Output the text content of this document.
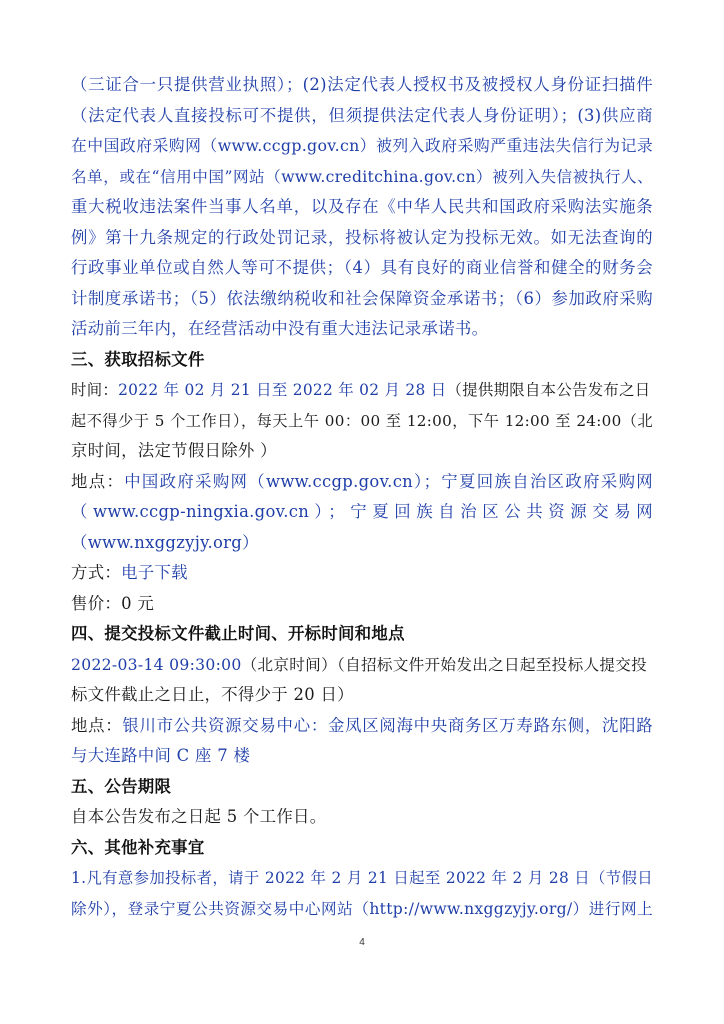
（三证合一只提供营业执照）；(2)法定代表人授权书及被授权人身份证扫描件
（法定代表人直接投标可不提供，但须提供法定代表人身份证明）；(3)供应商
在中国政府采购网（www.ccgp.gov.cn）被列入政府采购严重违法失信行为记录
名单，或在“信用中国”网站（www.creditchina.gov.cn）被列入失信被执行人、
重大税收违法案件当事人名单，以及存在《中华人民共和国政府采购法实施条
例》第十九条规定的行政处罚记录，投标将被认定为投标无效。如无法查询的
行政事业单位或自然人等可不提供；（4）具有良好的商业信誉和健全的财务会
计制度承诺书；（5）依法缴纳税收和社会保障资金承诺书；（6）参加政府采购
活动前三年内，在经营活动中没有重大违法记录承诺书。
三、获取招标文件
时间：2022 年 02 月 21 日至 2022 年 02 月 28 日（提供期限自本公告发布之日
起不得少于 5 个工作日），每天上午 00：00 至 12:00，下午 12:00 至 24:00（北
京时间，法定节假日除外 ）
地点：中国政府采购网（www.ccgp.gov.cn）；宁夏回族自治区政府采购网
（www.ccgp-ningxia.gov.cn）；宁夏回族自治区公共资源交易网
（www.nxggzyjy.org）
方式：电子下载
售价：0 元
四、提交投标文件截止时间、开标时间和地点
2022-03-14 09:30:00（北京时间）（自招标文件开始发出之日起至投标人提交投
标文件截止之日止，不得少于 20 日）
地点：银川市公共资源交易中心：金凤区阅海中央商务区万寿路东侧，沈阳路
与大连路中间 C 座 7 楼
五、公告期限
自本公告发布之日起 5 个工作日。
六、其他补充事宜
1.凡有意参加投标者，请于 2022 年 2 月 21 日起至 2022 年 2 月 28 日（节假日
除外），登录宁夏公共资源交易中心网站（http://www.nxggzyjy.org/）进行网上
4
